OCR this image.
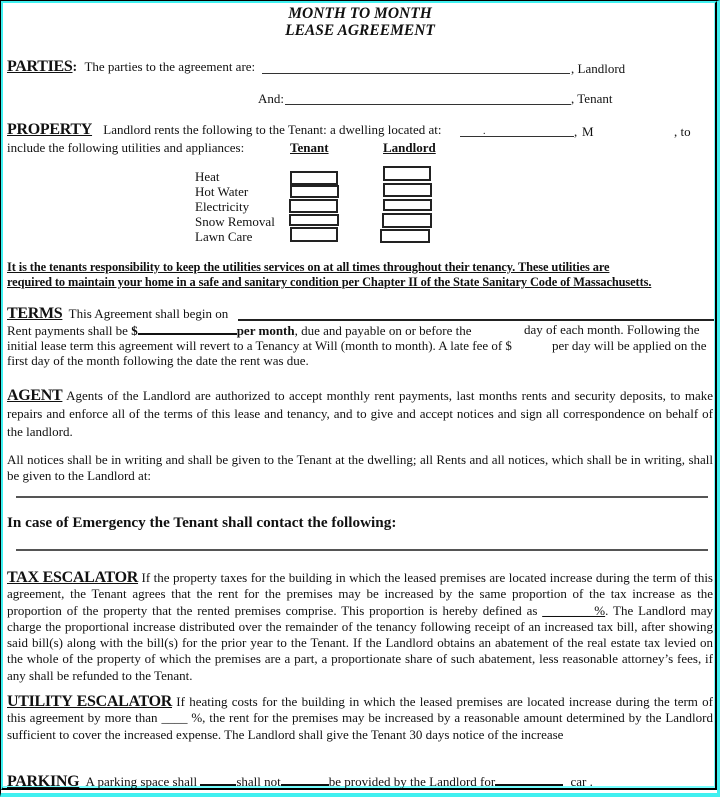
MONTH TO MONTH
LEASE AGREEMENT
PARTIES: The parties to the agreement are:	, Landlord
And:	, Tenant
PROPERTY Landlord rents the following to the Tenant: a dwelling located at:	.	, M	, to
include the following utilities and appliances:	Tenant	Landlord
Heat
Hot Water
Electricity
Snow Removal
Lawn Care
It is the tenants responsibility to keep the utilities services on at all times throughout their tenancy. These utilities are
required to maintain your home in a safe and sanitary condition per Chapter II of the State Sanitary Code of Massachusetts.
TERMS This Agreement shall begin on
Rent payments shall be $	per month, due and payable on or before the	day of each month. Following the
initial lease term this agreement will revert to a Tenancy at Will (month to month). A late fee of $	per day will be applied on the
first day of the month following the date the rent was due.
AGENT Agents of the Landlord are authorized to accept monthly rent payments, last months rents and security deposits, to make repairs and enforce all of the terms of this lease and tenancy, and to give and accept notices and sign all correspondence on behalf of the landlord.
All notices shall be in writing and shall be given to the Tenant at the dwelling; all Rents and all notices, which shall be in writing, shall be given to the Landlord at:
In case of Emergency the Tenant shall contact the following:
TAX ESCALATOR If the property taxes for the building in which the leased premises are located increase during the term of this agreement, the Tenant agrees that the rent for the premises may be increased by the same proportion of the tax increase as the proportion of the property that the rented premises comprise. This proportion is hereby defined as ________%. The Landlord may charge the proportional increase distributed over the remainder of the tenancy following receipt of an increased tax bill, after showing said bill(s) along with the bill(s) for the prior year to the Tenant. If the Landlord obtains an abatement of the real estate tax levied on the whole of the property of which the premises are a part, a proportionate share of such abatement, less reasonable attorney’s fees, if any shall be refunded to the Tenant.
UTILITY ESCALATOR If heating costs for the building in which the leased premises are located increase during the term of this agreement by more than ____ %, the rent for the premises may be increased by a reasonable amount determined by the Landlord sufficient to cover the increased expense. The Landlord shall give the Tenant 30 days notice of the increase
PARKING A parking space shall	shall not	be provided by the Landlord for	car .
